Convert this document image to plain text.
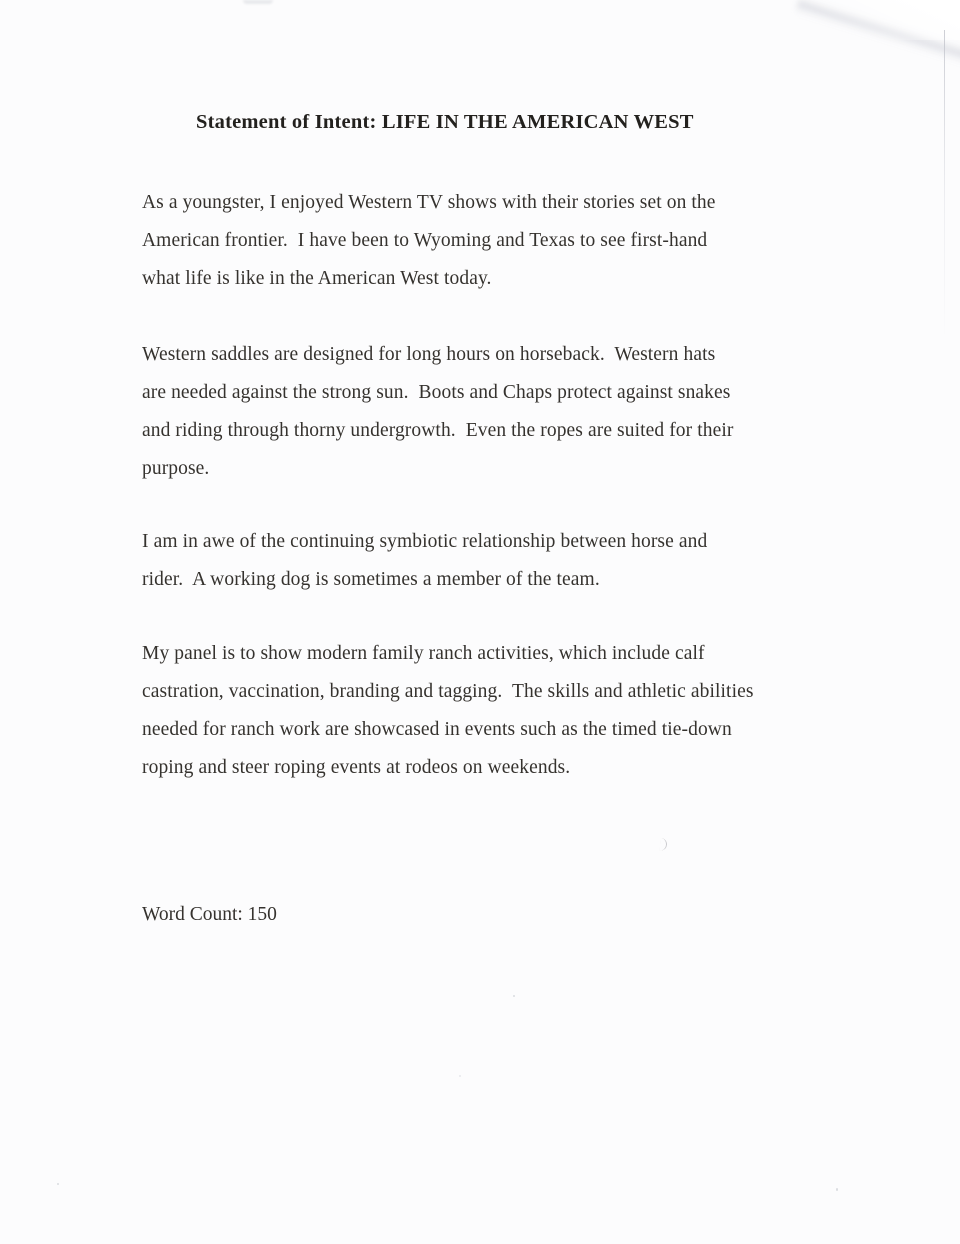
Statement of Intent: LIFE IN THE AMERICAN WEST
As a youngster, I enjoyed Western TV shows with their stories set on the
American frontier.  I have been to Wyoming and Texas to see first-hand
what life is like in the American West today.
Western saddles are designed for long hours on horseback.  Western hats
are needed against the strong sun.  Boots and Chaps protect against snakes
and riding through thorny undergrowth.  Even the ropes are suited for their
purpose.
I am in awe of the continuing symbiotic relationship between horse and
rider.  A working dog is sometimes a member of the team.
My panel is to show modern family ranch activities, which include calf
castration, vaccination, branding and tagging.  The skills and athletic abilities
needed for ranch work are showcased in events such as the timed tie-down
roping and steer roping events at rodeos on weekends.
Word Count: 150
